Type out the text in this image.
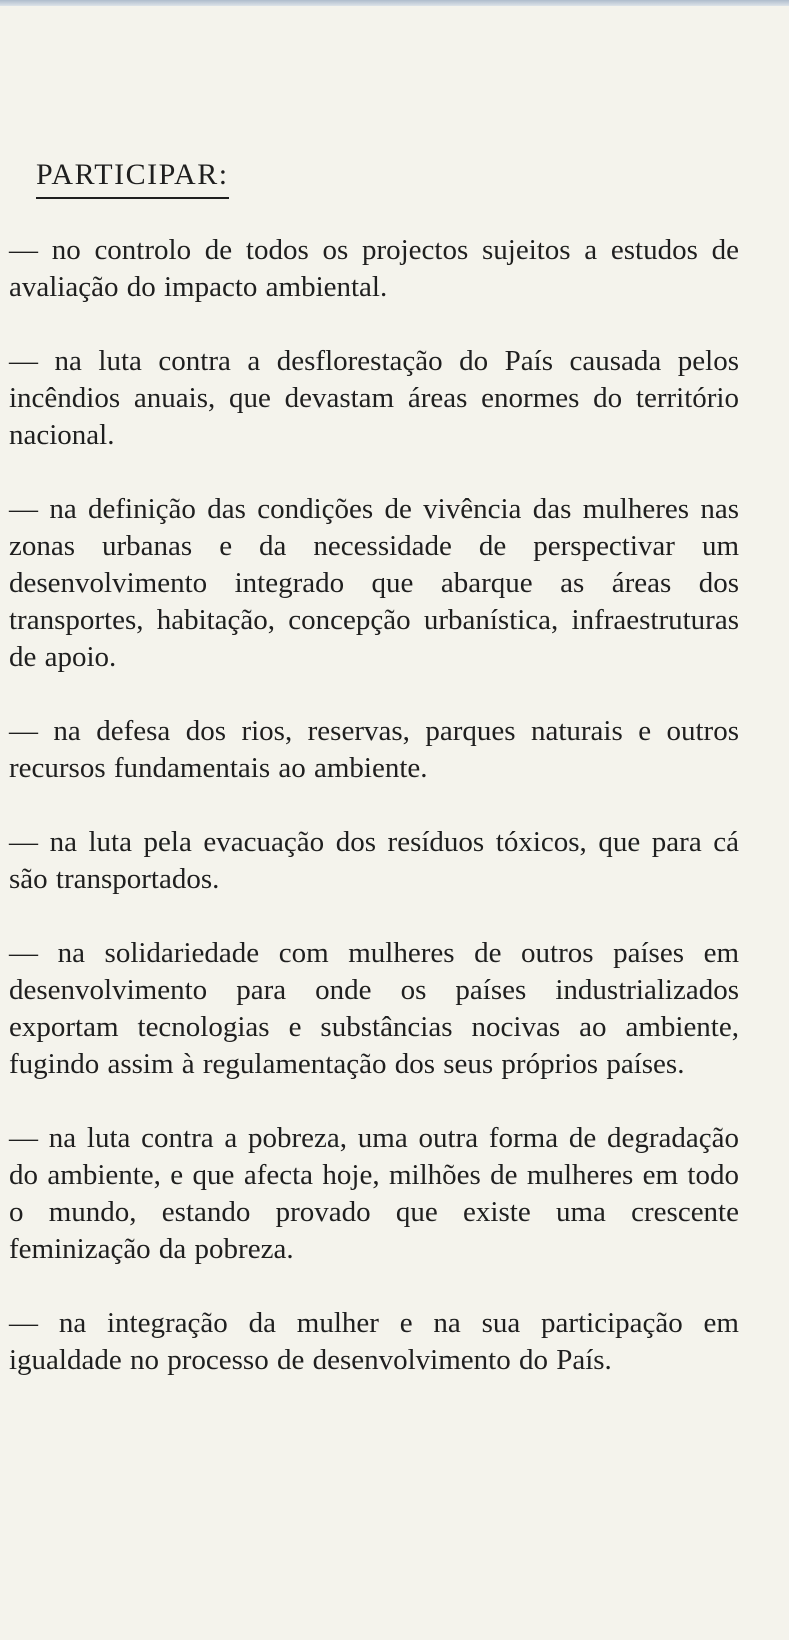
PARTICIPAR:

— no controlo de todos os projectos sujeitos a estudos de avaliação do impacto ambiental.

— na luta contra a desflorestação do País causada pelos incêndios anuais, que devastam áreas enormes do território nacional.

— na definição das condições de vivência das mulheres nas zonas urbanas e da necessidade de perspectivar um desenvolvimento integrado que abarque as áreas dos transportes, habitação, concepção urbanística, infraestruturas de apoio.

— na defesa dos rios, reservas, parques naturais e outros recursos fundamentais ao ambiente.

— na luta pela evacuação dos resíduos tóxicos, que para cá são transportados.

— na solidariedade com mulheres de outros países em desenvolvimento para onde os países industrializados exportam tecnologias e substâncias nocivas ao ambiente, fugindo assim à regulamentação dos seus próprios países.

— na luta contra a pobreza, uma outra forma de degradação do ambiente, e que afecta hoje, milhões de mulheres em todo o mundo, estando provado que existe uma crescente feminização da pobreza.

— na integração da mulher e na sua participação em igualdade no processo de desenvolvimento do País.
